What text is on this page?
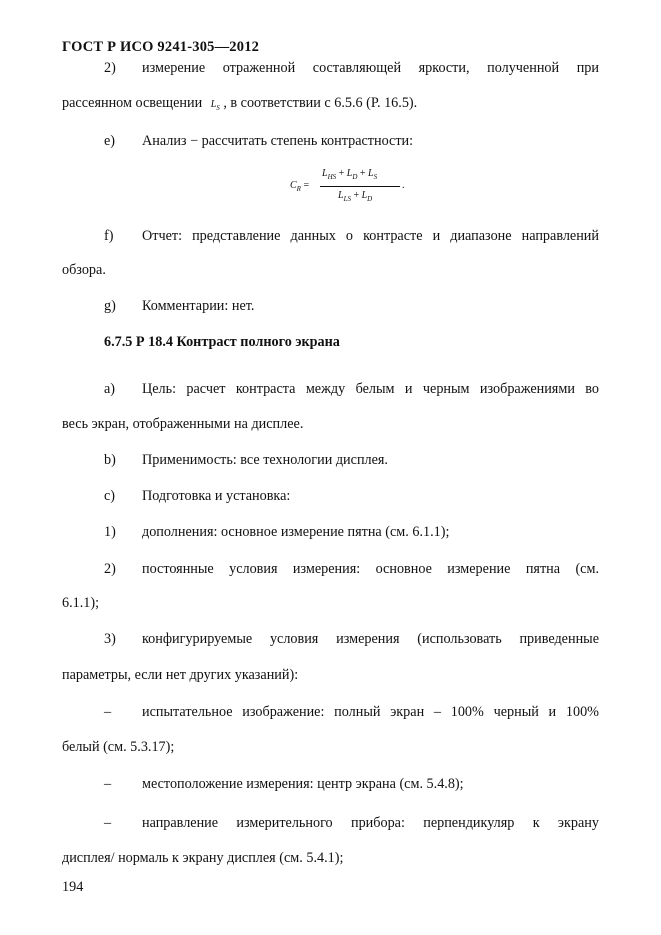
ГОСТ Р ИСО 9241-305—2012
2) измерение отраженной составляющей яркости, полученной при
рассеянном освещении $L_S$ , в соответствии с 6.5.6 (Р. 16.5).
e) Анализ − рассчитать степень контрастности:
$C_R$ =
$L_{HS} + L_D + L_S$
$L_{LS} + L_D$
.
f) Отчет: представление данных о контрасте и диапазоне направлений
обзора.
g) Комментарии: нет.
6.7.5 Р 18.4 Контраст полного экрана
a) Цель: расчет контраста между белым и черным изображениями во
весь экран, отображенными на дисплее.
b) Применимость: все технологии дисплея.
c) Подготовка и установка:
1) дополнения: основное измерение пятна (см. 6.1.1);
2) постоянные условия измерения: основное измерение пятна (см.
6.1.1);
3) конфигурируемые условия измерения (использовать приведенные
параметры, если нет других указаний):
– испытательное изображение: полный экран – 100% черный и 100%
белый (см. 5.3.17);
– местоположение измерения: центр экрана (см. 5.4.8);
– направление измерительного прибора: перпендикуляр к экрану
дисплея/ нормаль к экрану дисплея (см. 5.4.1);
194
